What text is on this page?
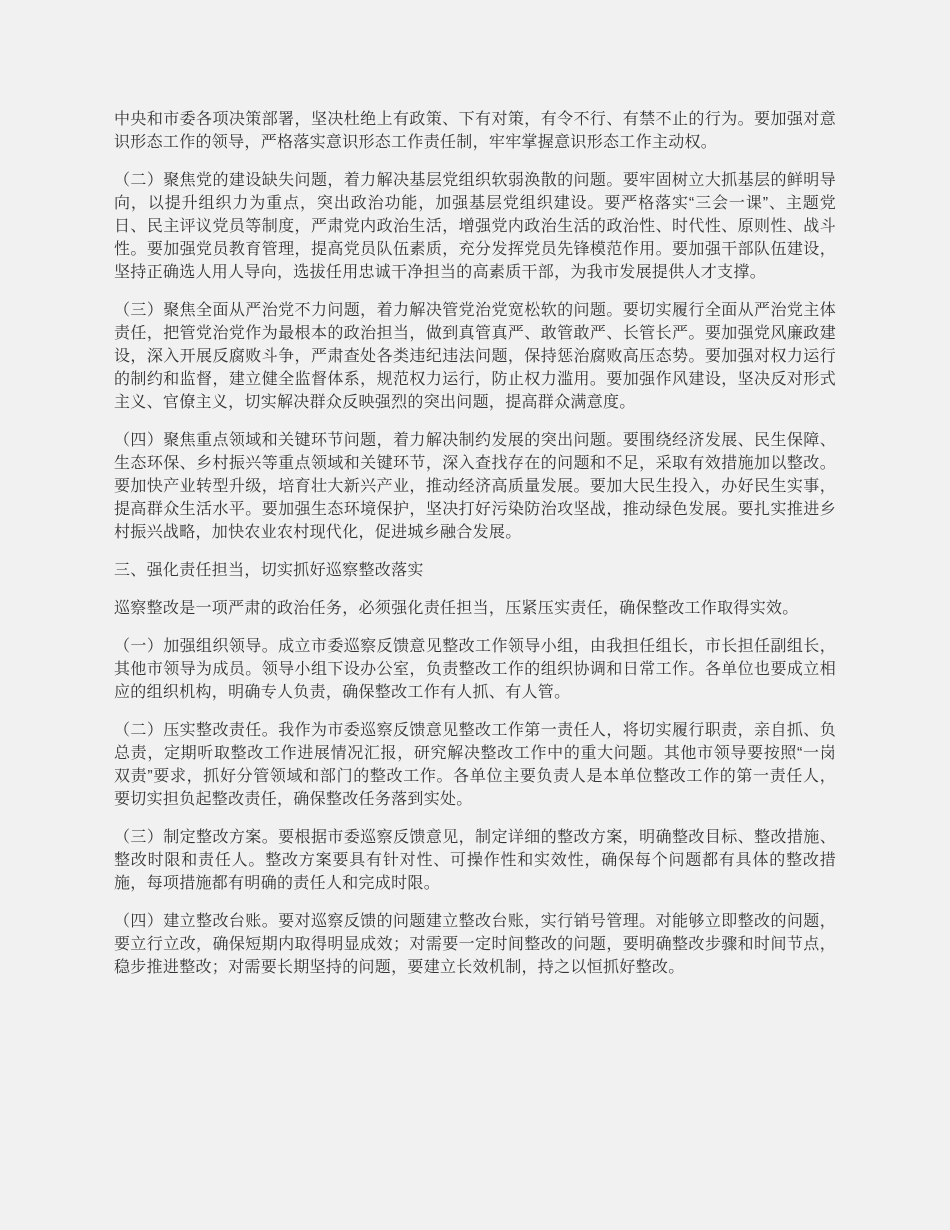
中央和市委各项决策部署，坚决杜绝上有政策、下有对策，有令不行、有禁不止的行为。要加强对意识形态工作的领导，严格落实意识形态工作责任制，牢牢掌握意识形态工作主动权。

（二）聚焦党的建设缺失问题，着力解决基层党组织软弱涣散的问题。要牢固树立大抓基层的鲜明导向，以提升组织力为重点，突出政治功能，加强基层党组织建设。要严格落实“三会一课”、主题党日、民主评议党员等制度，严肃党内政治生活，增强党内政治生活的政治性、时代性、原则性、战斗性。要加强党员教育管理，提高党员队伍素质，充分发挥党员先锋模范作用。要加强干部队伍建设，坚持正确选人用人导向，选拔任用忠诚干净担当的高素质干部，为我市发展提供人才支撑。

（三）聚焦全面从严治党不力问题，着力解决管党治党宽松软的问题。要切实履行全面从严治党主体责任，把管党治党作为最根本的政治担当，做到真管真严、敢管敢严、长管长严。要加强党风廉政建设，深入开展反腐败斗争，严肃查处各类违纪违法问题，保持惩治腐败高压态势。要加强对权力运行的制约和监督，建立健全监督体系，规范权力运行，防止权力滥用。要加强作风建设，坚决反对形式主义、官僚主义，切实解决群众反映强烈的突出问题，提高群众满意度。

（四）聚焦重点领域和关键环节问题，着力解决制约发展的突出问题。要围绕经济发展、民生保障、生态环保、乡村振兴等重点领域和关键环节，深入查找存在的问题和不足，采取有效措施加以整改。要加快产业转型升级，培育壮大新兴产业，推动经济高质量发展。要加大民生投入，办好民生实事，提高群众生活水平。要加强生态环境保护，坚决打好污染防治攻坚战，推动绿色发展。要扎实推进乡村振兴战略，加快农业农村现代化，促进城乡融合发展。

三、强化责任担当，切实抓好巡察整改落实

巡察整改是一项严肃的政治任务，必须强化责任担当，压紧压实责任，确保整改工作取得实效。

（一）加强组织领导。成立市委巡察反馈意见整改工作领导小组，由我担任组长，市长担任副组长，其他市领导为成员。领导小组下设办公室，负责整改工作的组织协调和日常工作。各单位也要成立相应的组织机构，明确专人负责，确保整改工作有人抓、有人管。

（二）压实整改责任。我作为市委巡察反馈意见整改工作第一责任人，将切实履行职责，亲自抓、负总责，定期听取整改工作进展情况汇报，研究解决整改工作中的重大问题。其他市领导要按照“一岗双责”要求，抓好分管领域和部门的整改工作。各单位主要负责人是本单位整改工作的第一责任人，要切实担负起整改责任，确保整改任务落到实处。

（三）制定整改方案。要根据市委巡察反馈意见，制定详细的整改方案，明确整改目标、整改措施、整改时限和责任人。整改方案要具有针对性、可操作性和实效性，确保每个问题都有具体的整改措施，每项措施都有明确的责任人和完成时限。

（四）建立整改台账。要对巡察反馈的问题建立整改台账，实行销号管理。对能够立即整改的问题，要立行立改，确保短期内取得明显成效；对需要一定时间整改的问题，要明确整改步骤和时间节点，稳步推进整改；对需要长期坚持的问题，要建立长效机制，持之以恒抓好整改。
